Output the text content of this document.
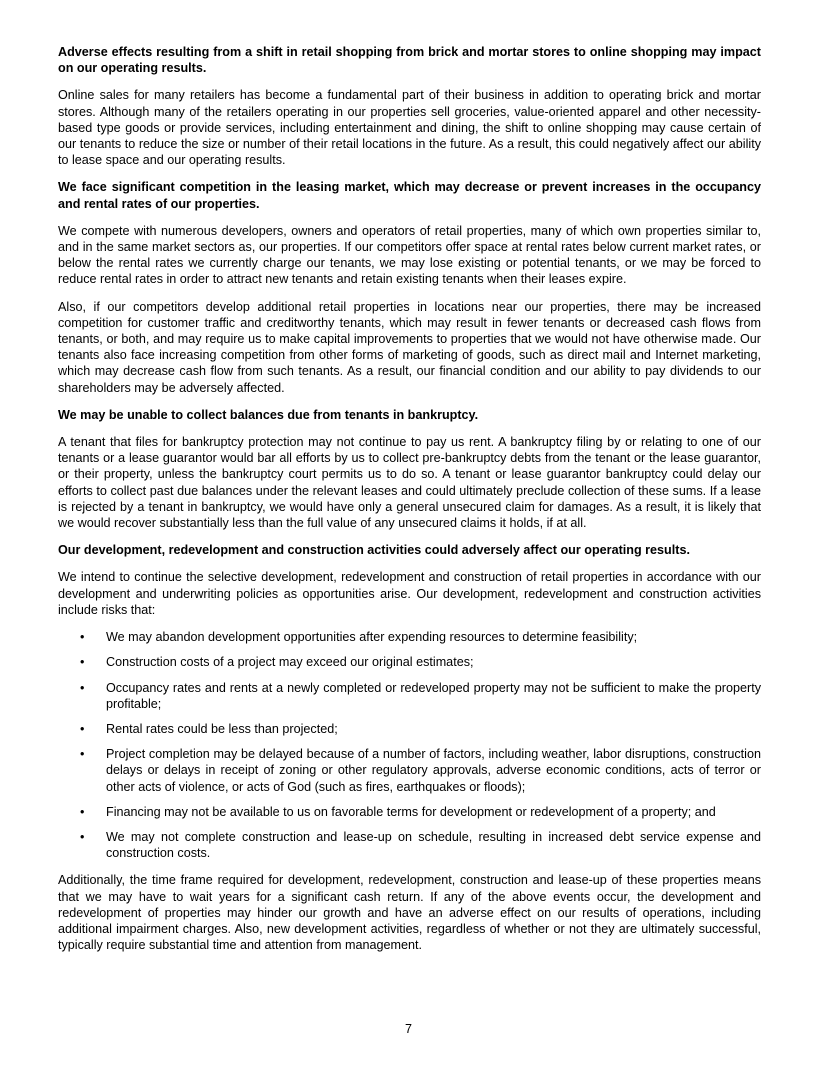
Adverse effects resulting from a shift in retail shopping from brick and mortar stores to online shopping may impact on our operating results.

Online sales for many retailers has become a fundamental part of their business in addition to operating brick and mortar stores. Although many of the retailers operating in our properties sell groceries, value-oriented apparel and other necessity-based type goods or provide services, including entertainment and dining, the shift to online shopping may cause certain of our tenants to reduce the size or number of their retail locations in the future. As a result, this could negatively affect our ability to lease space and our operating results.

We face significant competition in the leasing market, which may decrease or prevent increases in the occupancy and rental rates of our properties.

We compete with numerous developers, owners and operators of retail properties, many of which own properties similar to, and in the same market sectors as, our properties. If our competitors offer space at rental rates below current market rates, or below the rental rates we currently charge our tenants, we may lose existing or potential tenants, or we may be forced to reduce rental rates in order to attract new tenants and retain existing tenants when their leases expire.

Also, if our competitors develop additional retail properties in locations near our properties, there may be increased competition for customer traffic and creditworthy tenants, which may result in fewer tenants or decreased cash flows from tenants, or both, and may require us to make capital improvements to properties that we would not have otherwise made. Our tenants also face increasing competition from other forms of marketing of goods, such as direct mail and Internet marketing, which may decrease cash flow from such tenants. As a result, our financial condition and our ability to pay dividends to our shareholders may be adversely affected.

We may be unable to collect balances due from tenants in bankruptcy.

A tenant that files for bankruptcy protection may not continue to pay us rent. A bankruptcy filing by or relating to one of our tenants or a lease guarantor would bar all efforts by us to collect pre-bankruptcy debts from the tenant or the lease guarantor, or their property, unless the bankruptcy court permits us to do so. A tenant or lease guarantor bankruptcy could delay our efforts to collect past due balances under the relevant leases and could ultimately preclude collection of these sums. If a lease is rejected by a tenant in bankruptcy, we would have only a general unsecured claim for damages. As a result, it is likely that we would recover substantially less than the full value of any unsecured claims it holds, if at all.

Our development, redevelopment and construction activities could adversely affect our operating results.

We intend to continue the selective development, redevelopment and construction of retail properties in accordance with our development and underwriting policies as opportunities arise. Our development, redevelopment and construction activities include risks that:

• We may abandon development opportunities after expending resources to determine feasibility;
• Construction costs of a project may exceed our original estimates;
• Occupancy rates and rents at a newly completed or redeveloped property may not be sufficient to make the property profitable;
• Rental rates could be less than projected;
• Project completion may be delayed because of a number of factors, including weather, labor disruptions, construction delays or delays in receipt of zoning or other regulatory approvals, adverse economic conditions, acts of terror or other acts of violence, or acts of God (such as fires, earthquakes or floods);
• Financing may not be available to us on favorable terms for development or redevelopment of a property; and
• We may not complete construction and lease-up on schedule, resulting in increased debt service expense and construction costs.

Additionally, the time frame required for development, redevelopment, construction and lease-up of these properties means that we may have to wait years for a significant cash return. If any of the above events occur, the development and redevelopment of properties may hinder our growth and have an adverse effect on our results of operations, including additional impairment charges. Also, new development activities, regardless of whether or not they are ultimately successful, typically require substantial time and attention from management.

7
